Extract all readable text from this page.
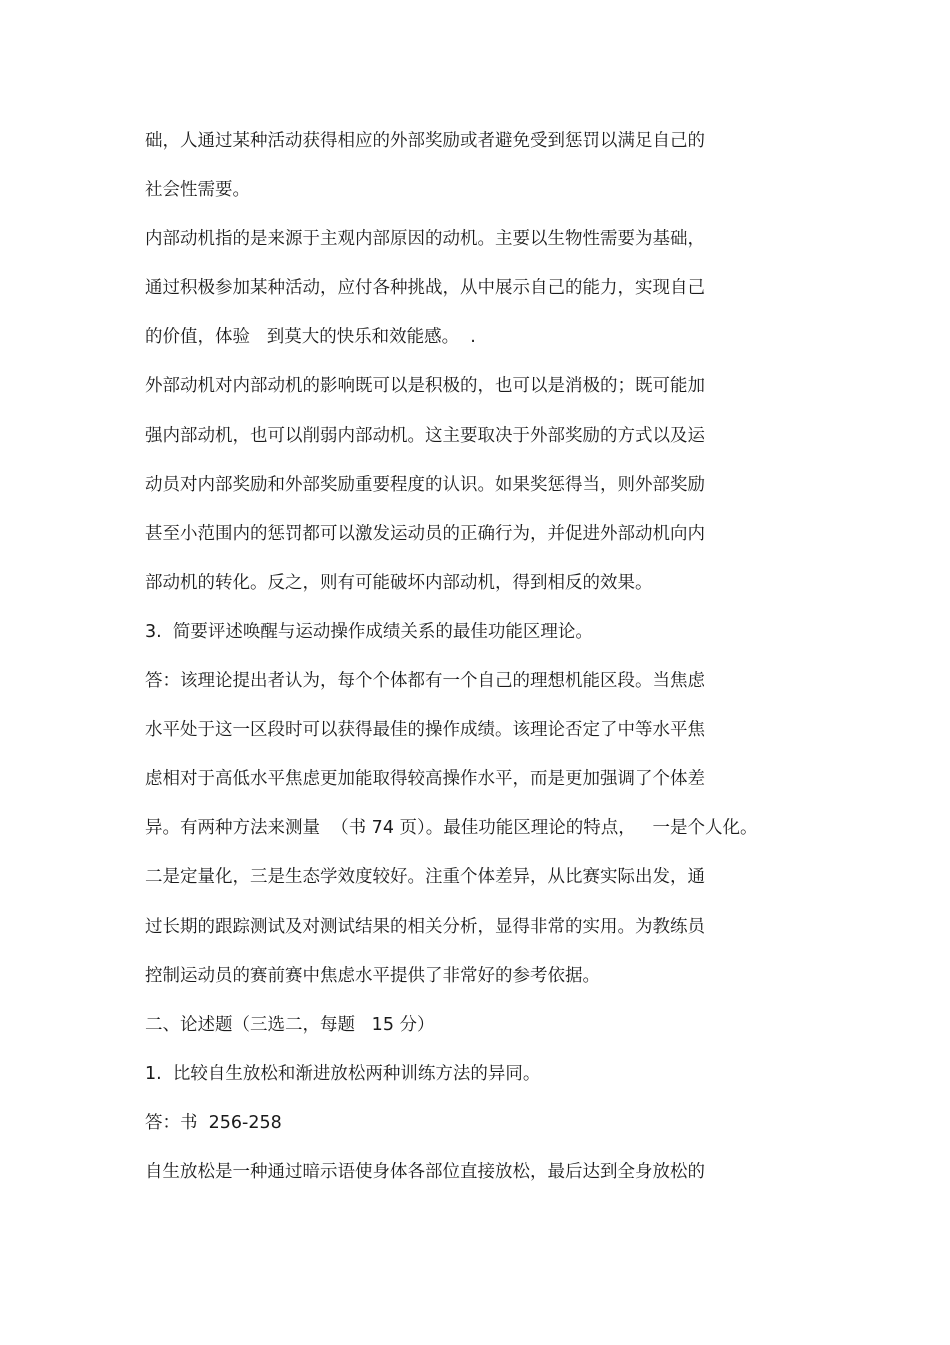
础，人通过某种活动获得相应的外部奖励或者避免受到惩罚以满足自己的
社会性需要。
内部动机指的是来源于主观内部原因的动机。主要以生物性需要为基础，
通过积极参加某种活动，应付各种挑战，从中展示自己的能力，实现自己
的价值，体验   到莫大的快乐和效能感。  .
外部动机对内部动机的影响既可以是积极的，也可以是消极的；既可能加
强内部动机，也可以削弱内部动机。这主要取决于外部奖励的方式以及运
动员对内部奖励和外部奖励重要程度的认识。如果奖惩得当，则外部奖励
甚至小范围内的惩罚都可以激发运动员的正确行为，并促进外部动机向内
部动机的转化。反之，则有可能破坏内部动机，得到相反的效果。
3.  简要评述唤醒与运动操作成绩关系的最佳功能区理论。
答：该理论提出者认为，每个个体都有一个自己的理想机能区段。当焦虑
水平处于这一区段时可以获得最佳的操作成绩。该理论否定了中等水平焦
虑相对于高低水平焦虑更加能取得较高操作水平，而是更加强调了个体差
异。有两种方法来测量  （书 74 页）。最佳功能区理论的特点，   一是个人化。
二是定量化，三是生态学效度较好。注重个体差异，从比赛实际出发，通
过长期的跟踪测试及对测试结果的相关分析，显得非常的实用。为教练员
控制运动员的赛前赛中焦虑水平提供了非常好的参考依据。
二、论述题（三选二，每题   15 分）
1.  比较自生放松和渐进放松两种训练方法的异同。
答：书  256-258
自生放松是一种通过暗示语使身体各部位直接放松，最后达到全身放松的
